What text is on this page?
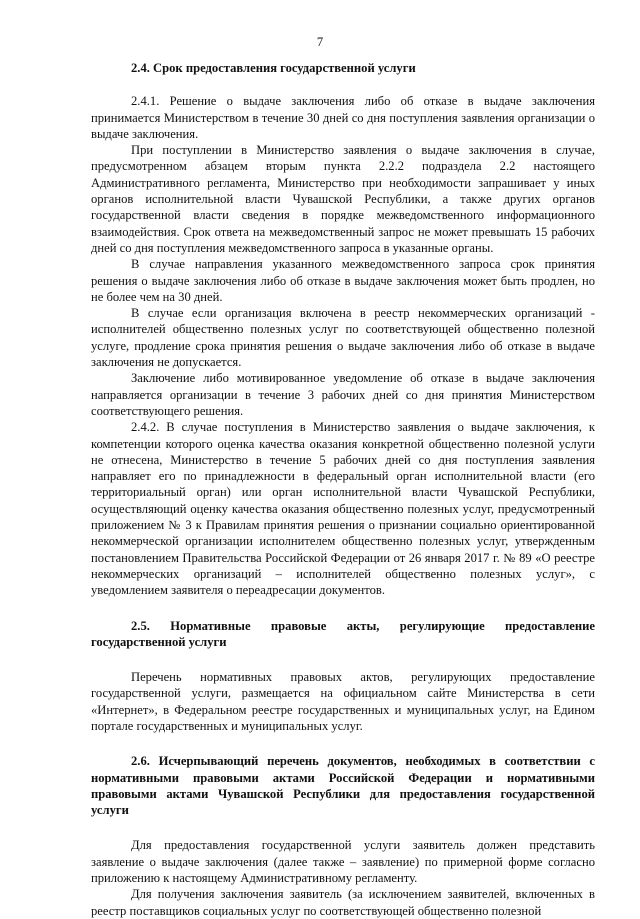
7

2.4. Срок предоставления государственной услуги

2.4.1. Решение о выдаче заключения либо об отказе в выдаче заключения принимается Министерством в течение 30 дней со дня поступления заявления организации о выдаче заключения.

При поступлении в Министерство заявления о выдаче заключения в случае, предусмотренном абзацем вторым пункта 2.2.2 подраздела 2.2 настоящего Административного регламента, Министерство при необходимости запрашивает у иных органов исполнительной власти Чувашской Республики, а также других органов государственной власти сведения в порядке межведомственного информационного взаимодействия. Срок ответа на межведомственный запрос не может превышать 15 рабочих дней со дня поступления межведомственного запроса в указанные органы.

В случае направления указанного межведомственного запроса срок принятия решения о выдаче заключения либо об отказе в выдаче заключения может быть продлен, но не более чем на 30 дней.

В случае если организация включена в реестр некоммерческих организаций - исполнителей общественно полезных услуг по соответствующей общественно полезной услуге, продление срока принятия решения о выдаче заключения либо об отказе в выдаче заключения не допускается.

Заключение либо мотивированное уведомление об отказе в выдаче заключения направляется организации в течение 3 рабочих дней со дня принятия Министерством соответствующего решения.

2.4.2. В случае поступления в Министерство заявления о выдаче заключения, к компетенции которого оценка качества оказания конкретной общественно полезной услуги не отнесена, Министерство в течение 5 рабочих дней со дня поступления заявления направляет его по принадлежности в федеральный орган исполнительной власти (его территориальный орган) или орган исполнительной власти Чувашской Республики, осуществляющий оценку качества оказания общественно полезных услуг, предусмотренный приложением № 3 к Правилам принятия решения о признании социально ориентированной некоммерческой организации исполнителем общественно полезных услуг, утвержденным постановлением Правительства Российской Федерации от 26 января 2017 г. № 89 «О реестре некоммерческих организаций – исполнителей общественно полезных услуг», с уведомлением заявителя о переадресации документов.

2.5. Нормативные правовые акты, регулирующие предоставление государственной услуги

Перечень нормативных правовых актов, регулирующих предоставление государственной услуги, размещается на официальном сайте Министерства в сети «Интернет», в Федеральном реестре государственных и муниципальных услуг, на Едином портале государственных и муниципальных услуг.

2.6. Исчерпывающий перечень документов, необходимых в соответствии с нормативными правовыми актами Российской Федерации и нормативными правовыми актами Чувашской Республики для предоставления государственной услуги

Для предоставления государственной услуги заявитель должен представить заявление о выдаче заключения (далее также – заявление) по примерной форме согласно приложению к настоящему Административному регламенту.

Для получения заключения заявитель (за исключением заявителей, включенных в реестр поставщиков социальных услуг по соответствующей общественно полезной
